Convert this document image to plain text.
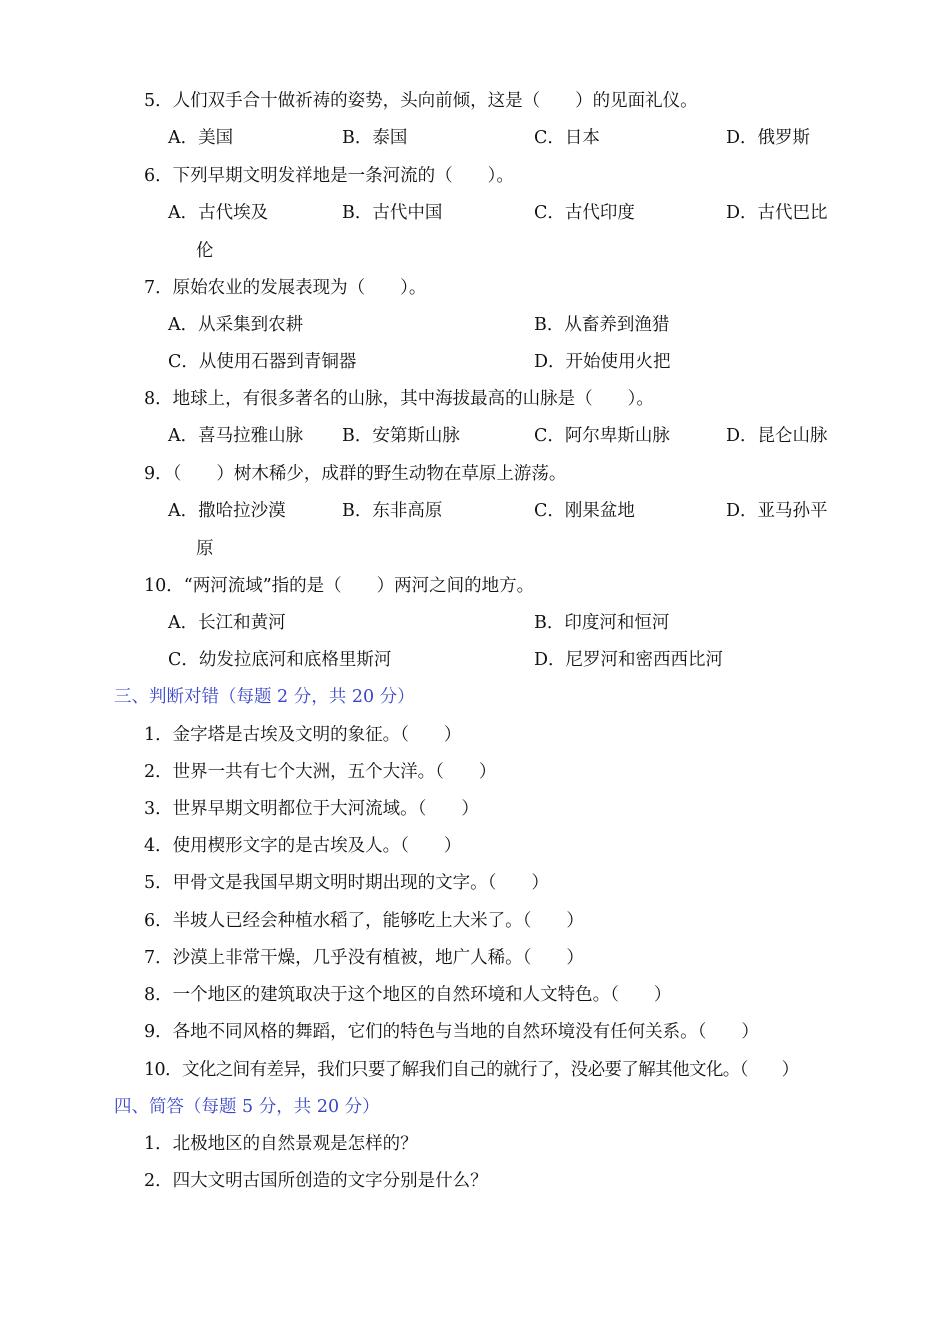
5．人们双手合十做祈祷的姿势，头向前倾，这是（　　）的见面礼仪。
A．美国	B．泰国	C．日本	D．俄罗斯
6．下列早期文明发祥地是一条河流的（　　）。
A．古代埃及	B．古代中国	C．古代印度	D．古代巴比
伦
7．原始农业的发展表现为（　　）。
A．从采集到农耕	B．从畜养到渔猎
C．从使用石器到青铜器	D．开始使用火把
8．地球上，有很多著名的山脉，其中海拔最高的山脉是（　　）。
A．喜马拉雅山脉 B．安第斯山脉	C．阿尔卑斯山脉	D．昆仑山脉
9．（　　）树木稀少，成群的野生动物在草原上游荡。
A．撒哈拉沙漠	B．东非高原	C．刚果盆地	D．亚马孙平
原
10．“两河流域”指的是（　　）两河之间的地方。
A．长江和黄河	B．印度河和恒河
C．幼发拉底河和底格里斯河	D．尼罗河和密西西比河
三、判断对错（每题 2 分，共 20 分）
1．金字塔是古埃及文明的象征。（　　）
2．世界一共有七个大洲，五个大洋。（　　）
3．世界早期文明都位于大河流域。（　　）
4．使用楔形文字的是古埃及人。（　　）
5．甲骨文是我国早期文明时期出现的文字。（　　）
6．半坡人已经会种植水稻了，能够吃上大米了。（　　）
7．沙漠上非常干燥，几乎没有植被，地广人稀。（　　）
8．一个地区的建筑取决于这个地区的自然环境和人文特色。（　　）
9．各地不同风格的舞蹈，它们的特色与当地的自然环境没有任何关系。（　　）
10．文化之间有差异，我们只要了解我们自己的就行了，没必要了解其他文化。（　　）
四、简答（每题 5 分，共 20 分）
1．北极地区的自然景观是怎样的？
2．四大文明古国所创造的文字分别是什么？
